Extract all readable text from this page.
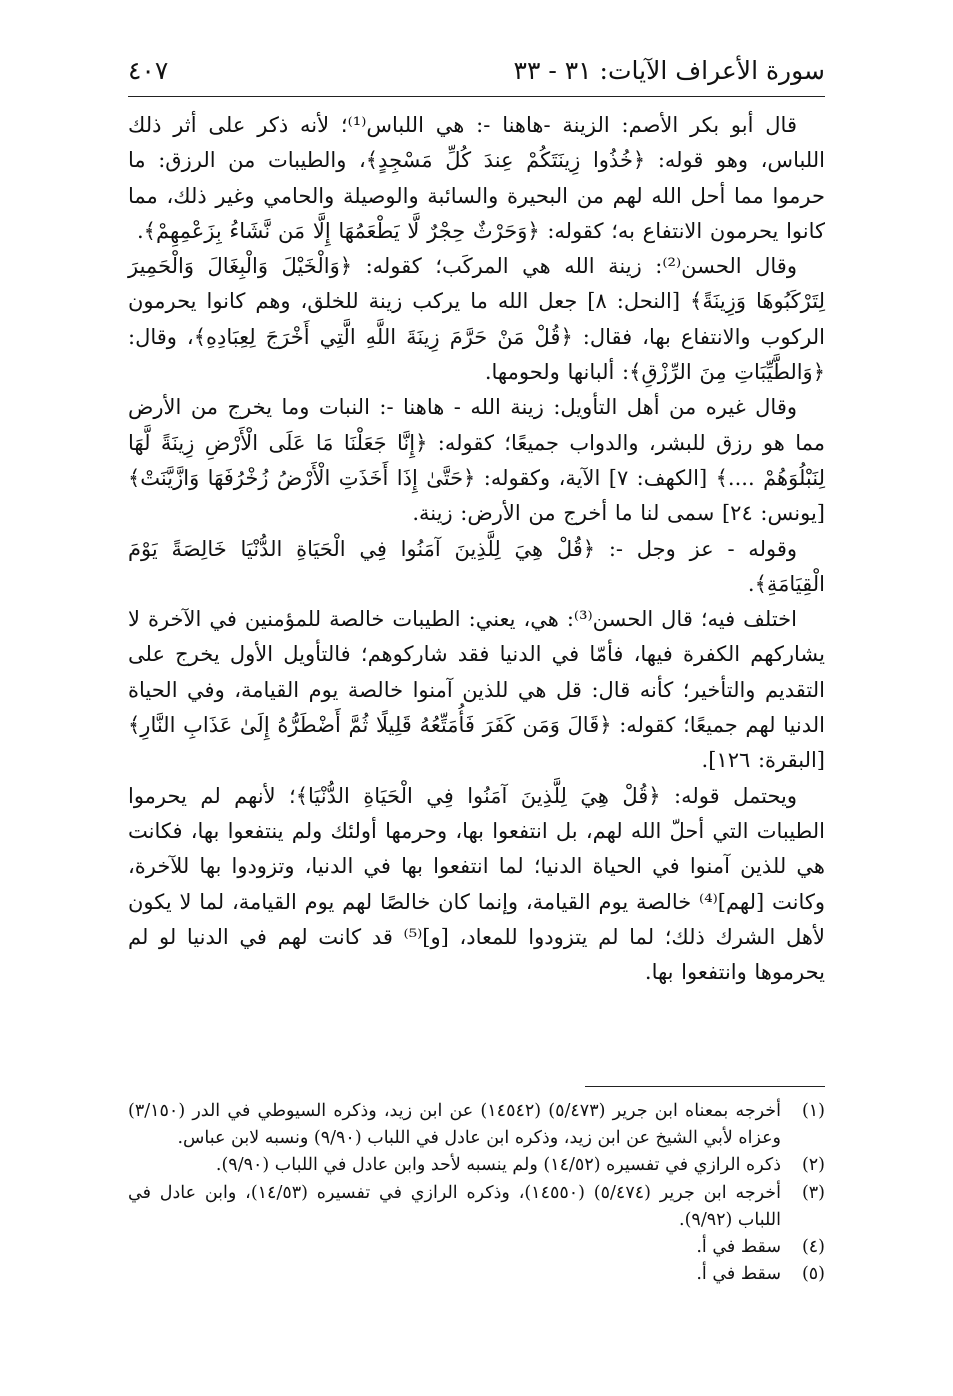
سورة الأعراف الآيات: ٣١ - ٣٣
٤٠٧

قال أبو بكر الأصم: الزينة -هاهنا -: هي اللباس⁽¹⁾؛ لأنه ذكر على أثر ذلك اللباس، وهو قوله: ﴿خُذُوا زِينَتَكُمْ عِندَ كُلِّ مَسْجِدٍ﴾، والطيبات من الرزق: ما حرموا مما أحل الله لهم من البحيرة والسائبة والوصيلة والحامي وغير ذلك، مما كانوا يحرمون الانتفاع به؛ كقوله: ﴿وَحَرْثٌ حِجْرٌ لَّا يَطْعَمُهَا إِلَّا مَن نَّشَاءُ بِزَعْمِهِمْ﴾.

وقال الحسن⁽²⁾: زينة الله هي المركَب؛ كقوله: ﴿وَالْخَيْلَ وَالْبِغَالَ وَالْحَمِيرَ لِتَرْكَبُوهَا وَزِينَةً﴾ [النحل: ٨] جعل الله ما يركب زينة للخلق، وهم كانوا يحرمون الركوب والانتفاع بها، فقال: ﴿قُلْ مَنْ حَرَّمَ زِينَةَ اللَّهِ الَّتِي أَخْرَجَ لِعِبَادِهِ﴾، وقال: ﴿وَالطَّيِّبَاتِ مِنَ الرِّزْقِ﴾: ألبانها ولحومها.

وقال غيره من أهل التأويل: زينة الله - هاهنا -: النبات وما يخرج من الأرض مما هو رزق للبشر، والدواب جميعًا؛ كقوله: ﴿إِنَّا جَعَلْنَا مَا عَلَى الْأَرْضِ زِينَةً لَّهَا لِنَبْلُوَهُمْ ....﴾ [الكهف: ٧] الآية، وكقوله: ﴿حَتَّىٰ إِذَا أَخَذَتِ الْأَرْضُ زُخْرُفَهَا وَازَّيَّنَتْ﴾ [يونس: ٢٤] سمى لنا ما أخرج من الأرض: زينة.

وقوله - عز وجل -: ﴿قُلْ هِيَ لِلَّذِينَ آمَنُوا فِي الْحَيَاةِ الدُّنْيَا خَالِصَةً يَوْمَ الْقِيَامَةِ﴾.

اختلف فيه؛ قال الحسن⁽³⁾: هي، يعني: الطيبات خالصة للمؤمنين في الآخرة لا يشاركهم الكفرة فيها، فأمّا في الدنيا فقد شاركوهم؛ فالتأويل الأول يخرج على التقديم والتأخير؛ كأنه قال: قل هي للذين آمنوا خالصة يوم القيامة، وفي الحياة الدنيا لهم جميعًا؛ كقوله: ﴿قَالَ وَمَن كَفَرَ فَأُمَتِّعُهُ قَلِيلًا ثُمَّ أَضْطَرُّهُ إِلَىٰ عَذَابِ النَّارِ﴾ [البقرة: ١٢٦].

ويحتمل قوله: ﴿قُلْ هِيَ لِلَّذِينَ آمَنُوا فِي الْحَيَاةِ الدُّنْيَا﴾؛ لأنهم لم يحرموا الطيبات التي أحلّ الله لهم، بل انتفعوا بها، وحرمها أولئك ولم ينتفعوا بها، فكانت هي للذين آمنوا في الحياة الدنيا؛ لما انتفعوا بها في الدنيا، وتزودوا بها للآخرة، وكانت [لهم]⁽⁴⁾ خالصة يوم القيامة، وإنما كان خالصًا لهم يوم القيامة، لما لا يكون لأهل الشرك ذلك؛ لما لم يتزودوا للمعاد، [و]⁽⁵⁾ قد كانت لهم في الدنيا لو لم يحرموها وانتفعوا بها.

(١)
أخرجه بمعناه ابن جرير (٥/٤٧٣) (١٤٥٤٢) عن ابن زيد، وذكره السيوطي في الدر (٣/١٥٠) وعزاه لأبي الشيخ عن ابن زيد، وذكره ابن عادل في اللباب (٩/٩٠) ونسبه لابن عباس.

(٢)
ذكره الرازي في تفسيره (١٤/٥٢) ولم ينسبه لأحد وابن عادل في اللباب (٩/٩٠).

(٣)
أخرجه ابن جرير (٥/٤٧٤) (١٤٥٥٠)، وذكره الرازي في تفسيره (١٤/٥٣)، وابن عادل في اللباب (٩/٩٢).

(٤)
سقط في أ.

(٥)
سقط في أ.
